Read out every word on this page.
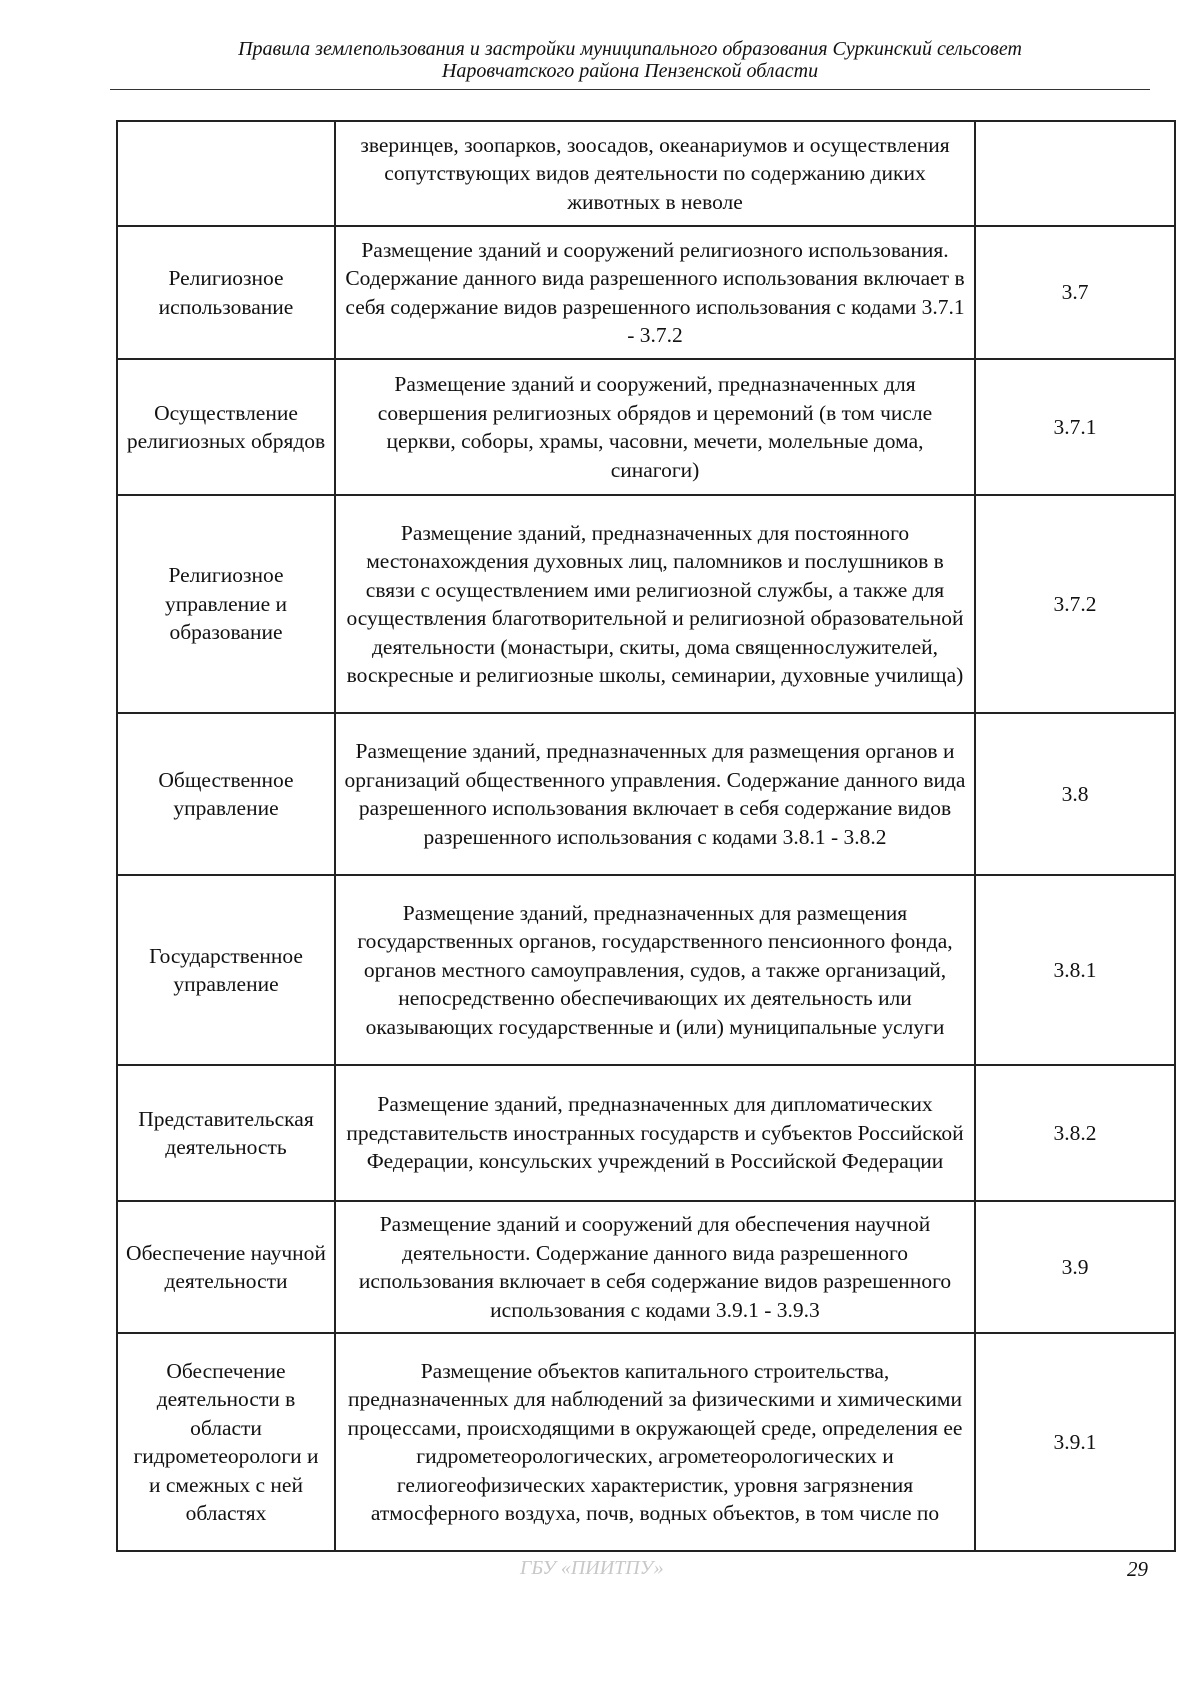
Правила землепользования и застройки муниципального образования Суркинский сельсовет
Наровчатского района Пензенской области
	зверинцев, зоопарков, зоосадов, океанариумов и осуществления сопутствующих видов деятельности по содержанию диких животных в неволе	
Религиозное использование	Размещение зданий и сооружений религиозного использования. Содержание данного вида разрешенного использования включает в себя содержание видов разрешенного использования с кодами 3.7.1 - 3.7.2	3.7
Осуществление религиозных обрядов	Размещение зданий и сооружений, предназначенных для совершения религиозных обрядов и церемоний (в том числе церкви, соборы, храмы, часовни, мечети, молельные дома, синагоги)	3.7.1
Религиозное управление и образование	Размещение зданий, предназначенных для постоянного местонахождения духовных лиц, паломников и послушников в связи с осуществлением ими религиозной службы, а также для осуществления благотворительной и религиозной образовательной деятельности (монастыри, скиты, дома священнослужителей, воскресные и религиозные школы, семинарии, духовные училища)	3.7.2
Общественное управление	Размещение зданий, предназначенных для размещения органов и организаций общественного управления. Содержание данного вида разрешенного использования включает в себя содержание видов разрешенного использования с кодами 3.8.1 - 3.8.2	3.8
Государственное управление	Размещение зданий, предназначенных для размещения государственных органов, государственного пенсионного фонда, органов местного самоуправления, судов, а также организаций, непосредственно обеспечивающих их деятельность или оказывающих государственные и (или) муниципальные услуги	3.8.1
Представительская деятельность	Размещение зданий, предназначенных для дипломатических представительств иностранных государств и субъектов Российской Федерации, консульских учреждений в Российской Федерации	3.8.2
Обеспечение научной деятельности	Размещение зданий и сооружений для обеспечения научной деятельности. Содержание данного вида разрешенного использования включает в себя содержание видов разрешенного использования с кодами 3.9.1 - 3.9.3	3.9
Обеспечение деятельности в области гидрометеорологи и и смежных с ней областях	Размещение объектов капитального строительства, предназначенных для наблюдений за физическими и химическими процессами, происходящими в окружающей среде, определения ее гидрометеорологических, агрометеорологических и гелиогеофизических характеристик, уровня загрязнения атмосферного воздуха, почв, водных объектов, в том числе по	3.9.1
ГБУ «ПИИТПУ»	29
